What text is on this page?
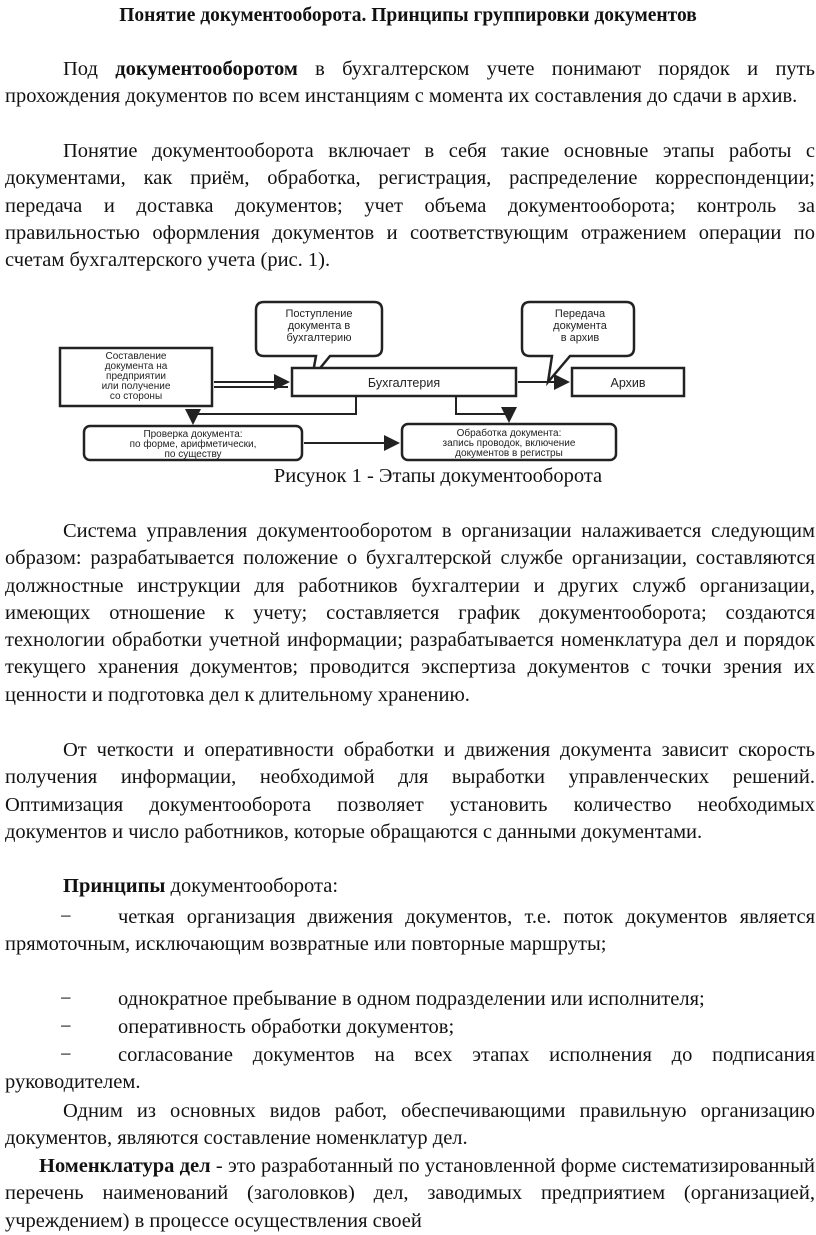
Понятие документооборота. Принципы группировки документов

Под документооборотом в бухгалтерском учете понимают порядок и путь прохождения документов по всем инстанциям с момента их составления до сдачи в архив.

Понятие документооборота включает в себя такие основные этапы работы с документами, как приём, обработка, регистрация, распределение корреспонденции; передача и доставка документов; учет объема документооборота; контроль за правильностью оформления документов и соответствующим отражением операции по счетам бухгалтерского учета (рис. 1).

Поступление
документа в
бухгалтерию
Передача
документа
в архив
Составление
документа на
предприятии
или получение
со стороны
Бухгалтерия	Архив
Проверка документа:
по форме, арифметически,
по существу
Обработка документа:
запись проводок, включение
документов в регистры
Рисунок 1 - Этапы документооборота

Система управления документооборотом в организации налаживается следующим образом: разрабатывается положение о бухгалтерской службе организации, составляются должностные инструкции для работников бухгалтерии и других служб организации, имеющих отношение к учету; составляется график документооборота; создаются технологии обработки учетной информации; разрабатывается номенклатура дел и порядок текущего хранения документов; проводится экспертиза документов с точки зрения их ценности и подготовка дел к длительному хранению.

От четкости и оперативности обработки и движения документа зависит скорость получения информации, необходимой для выработки управленческих решений. Оптимизация документооборота позволяет установить количество необходимых документов и число работников, которые обращаются с данными документами.

Принципы документооборота:

− четкая организация движения документов, т.е. поток документов является прямоточным, исключающим возвратные или повторные маршруты;

− однократное пребывание в одном подразделении или исполнителя;

− оперативность обработки документов;

− согласование документов на всех этапах исполнения до подписания руководителем.

Одним из основных видов работ, обеспечивающими правильную организацию документов, являются составление номенклатур дел.

Номенклатура дел - это разработанный по установленной форме систематизированный перечень наименований (заголовков) дел, заводимых предприятием (организацией, учреждением) в процессе осуществления своей
